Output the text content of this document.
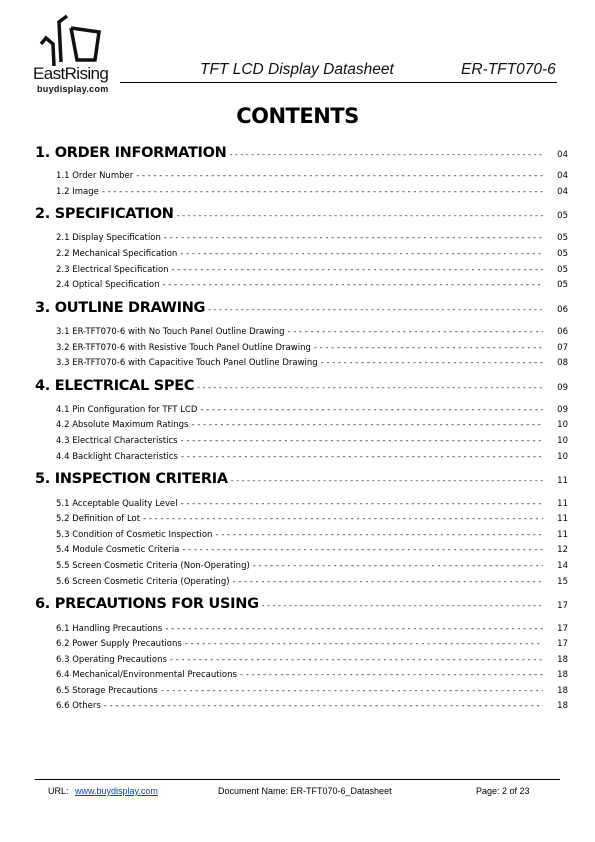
EastRising
buydisplay.com
TFT LCD Display Datasheet	ER-TFT070-6
CONTENTS
1. ORDER INFORMATION - - -	04
1.1 Order Number - - -	04
1.2 Image - - -	04
2. SPECIFICATION - - -	05
2.1 Display Specification - - -	05
2.2 Mechanical Specification - - -	05
2.3 Electrical Specification - - -	05
2.4 Optical Specification - - -	05
3. OUTLINE DRAWING - - -	06
3.1 ER-TFT070-6 with No Touch Panel Outline Drawing - - -	06
3.2 ER-TFT070-6 with Resistive Touch Panel Outline Drawing - - -	07
3.3 ER-TFT070-6 with Capacitive Touch Panel Outline Drawing - - -	08
4. ELECTRICAL SPEC - - -	09
4.1 Pin Configuration for TFT LCD - - -	09
4.2 Absolute Maximum Ratings - - -	10
4.3 Electrical Characteristics - - -	10
4.4 Backlight Characteristics - - -	10
5. INSPECTION CRITERIA - - -	11
5.1 Acceptable Quality Level - - -	11
5.2 Definition of Lot - - -	11
5.3 Condition of Cosmetic Inspection - - -	11
5.4 Module Cosmetic Criteria - - -	12
5.5 Screen Cosmetic Criteria (Non-Operating) - - -	14
5.6 Screen Cosmetic Criteria (Operating) - - -	15
6. PRECAUTIONS FOR USING - - -	17
6.1 Handling Precautions - - -	17
6.2 Power Supply Precautions - - -	17
6.3 Operating Precautions - - -	18
6.4 Mechanical/Environmental Precautions - - -	18
6.5 Storage Precautions - - -	18
6.6 Others - - -	18
URL: www.buydisplay.com	Document Name: ER-TFT070-6_Datasheet	Page: 2 of 23
